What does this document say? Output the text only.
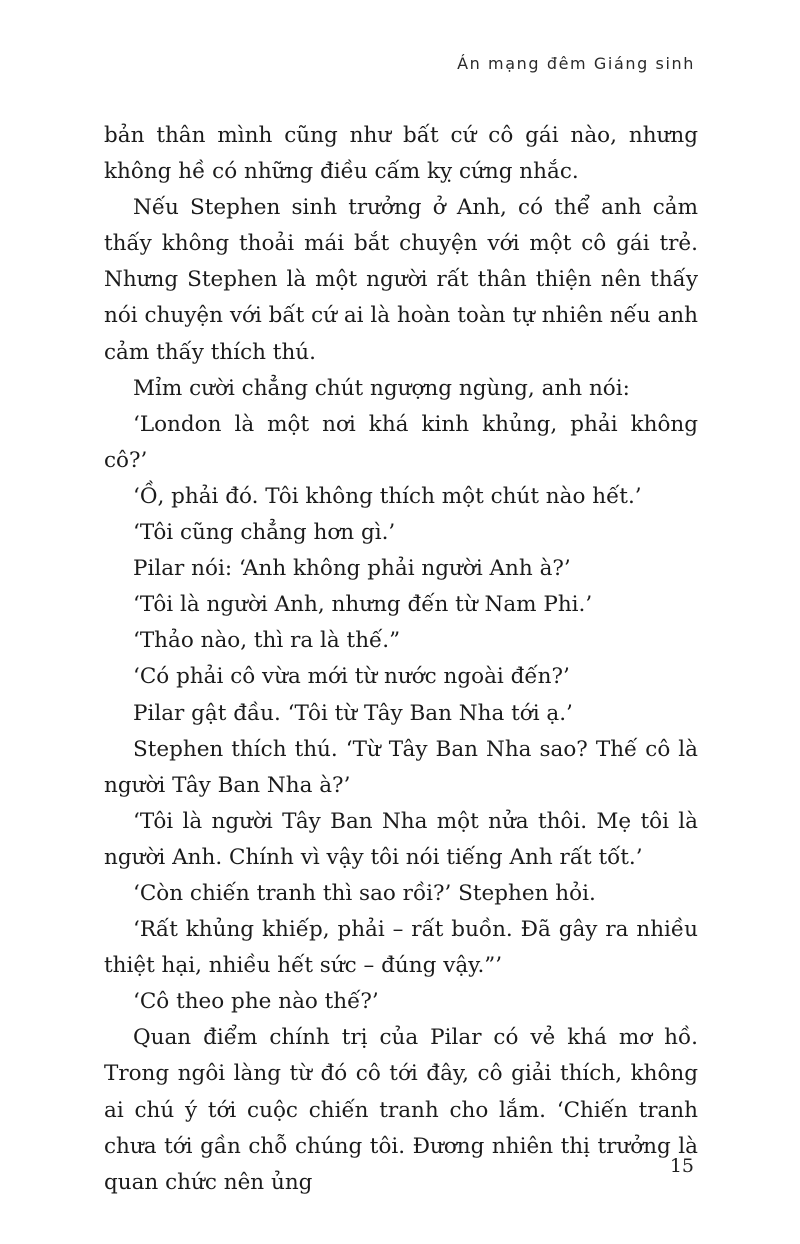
Án mạng đêm Giáng sinh

bản thân mình cũng như bất cứ cô gái nào, nhưng không hề có những điều cấm kỵ cứng nhắc.

Nếu Stephen sinh trưởng ở Anh, có thể anh cảm thấy không thoải mái bắt chuyện với một cô gái trẻ. Nhưng Stephen là một người rất thân thiện nên thấy nói chuyện với bất cứ ai là hoàn toàn tự nhiên nếu anh cảm thấy thích thú.

Mỉm cười chẳng chút ngượng ngùng, anh nói:

‘London là một nơi khá kinh khủng, phải không cô?’

‘Ồ, phải đó. Tôi không thích một chút nào hết.’

‘Tôi cũng chẳng hơn gì.’

Pilar nói: ‘Anh không phải người Anh à?’

‘Tôi là người Anh, nhưng đến từ Nam Phi.’

‘Thảo nào, thì ra là thế.”

‘Có phải cô vừa mới từ nước ngoài đến?’

Pilar gật đầu. ‘Tôi từ Tây Ban Nha tới ạ.’

Stephen thích thú. ‘Từ Tây Ban Nha sao? Thế cô là người Tây Ban Nha à?’

‘Tôi là người Tây Ban Nha một nửa thôi. Mẹ tôi là người Anh. Chính vì vậy tôi nói tiếng Anh rất tốt.’

‘Còn chiến tranh thì sao rồi?’ Stephen hỏi.

‘Rất khủng khiếp, phải – rất buồn. Đã gây ra nhiều thiệt hại, nhiều hết sức – đúng vậy.”’

‘Cô theo phe nào thế?’

Quan điểm chính trị của Pilar có vẻ khá mơ hồ. Trong ngôi làng từ đó cô tới đây, cô giải thích, không ai chú ý tới cuộc chiến tranh cho lắm. ‘Chiến tranh chưa tới gần chỗ chúng tôi. Đương nhiên thị trưởng là quan chức nên ủng

15
